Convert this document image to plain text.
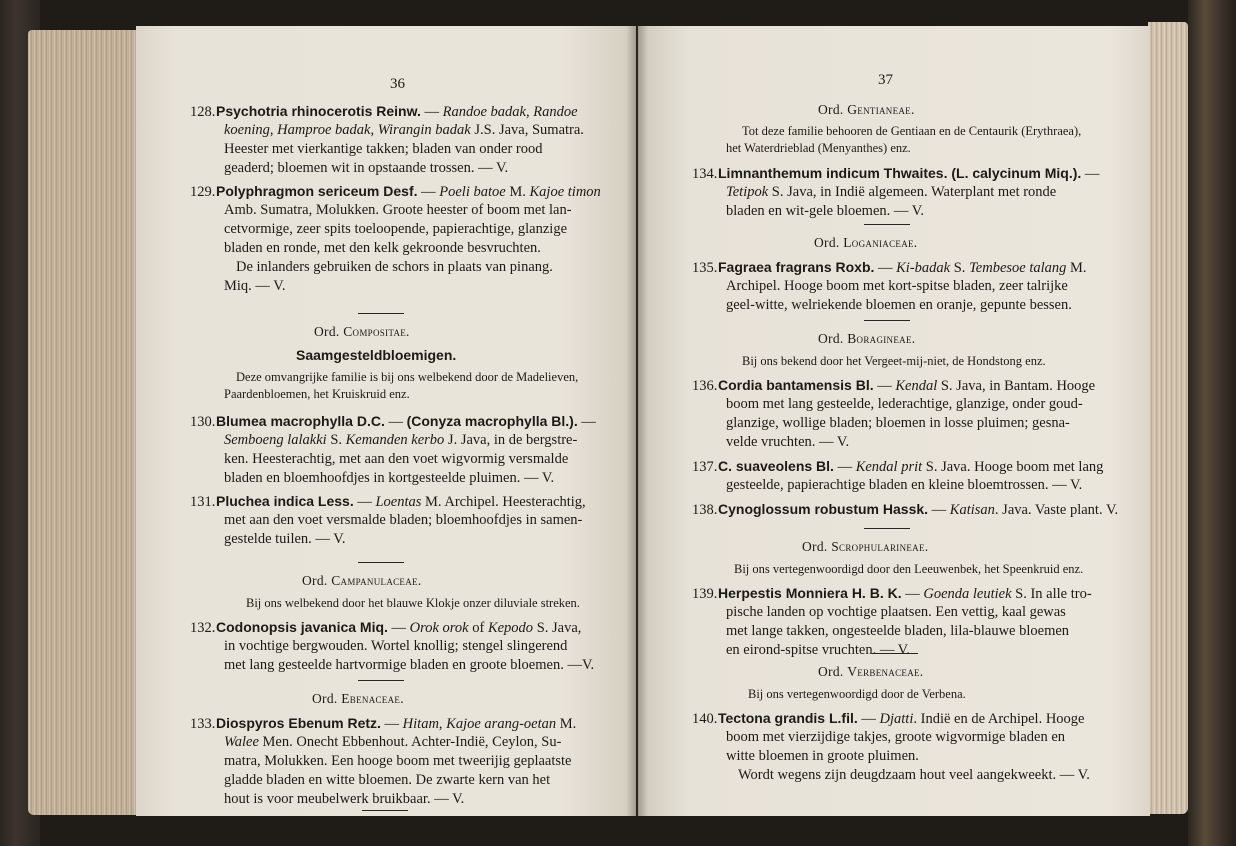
36
128.Psychotria rhinocerotis Reinw. — Randoe badak, Randoe
koening, Hamproe badak, Wirangin badak J.S. Java, Sumatra.
Heester met vierkantige takken; bladen van onder rood
geaderd; bloemen wit in opstaande trossen. — V.
129.Polyphragmon sericeum Desf. — Poeli batoe M. Kajoe timon
Amb. Sumatra, Molukken. Groote heester of boom met lan-
cetvormige, zeer spits toeloopende, papierachtige, glanzige
bladen en ronde, met den kelk gekroonde besvruchten.
De inlanders gebruiken de schors in plaats van pinang.
Miq. — V.
Ord. Compositae.
Saamgesteldbloemigen.
Deze omvangrijke familie is bij ons welbekend door de Madelieven,
Paardenbloemen, het Kruiskruid enz.
130.Blumea macrophylla D.C. — (Conyza macrophylla Bl.). —
Semboeng lalakki S. Kemanden kerbo J. Java, in de bergstre-
ken. Heesterachtig, met aan den voet wigvormig versmalde
bladen en bloemhoofdjes in kortgesteelde pluimen. — V.
131.Pluchea indica Less. — Loentas M. Archipel. Heesterachtig,
met aan den voet versmalde bladen; bloemhoofdjes in samen-
gestelde tuilen. — V.
Ord. Campanulaceae.
Bij ons welbekend door het blauwe Klokje onzer diluviale streken.
132.Codonopsis javanica Miq. — Orok orok of Kepodo S. Java,
in vochtige bergwouden. Wortel knollig; stengel slingerend
met lang gesteelde hartvormige bladen en groote bloemen. —V.
Ord. Ebenaceae.
133.Diospyros Ebenum Retz. — Hitam, Kajoe arang-oetan M.
Walee Men. Onecht Ebbenhout. Achter-Indië, Ceylon, Su-
matra, Molukken. Een hooge boom met tweerijig geplaatste
gladde bladen en witte bloemen. De zwarte kern van het
hout is voor meubelwerk bruikbaar. — V.
37
Ord. Gentianeae.
Tot deze familie behooren de Gentiaan en de Centaurik (Erythraea),
het Waterdrieblad (Menyanthes) enz.
134.Limnanthemum indicum Thwaites. (L. calycinum Miq.). —
Tetipok S. Java, in Indië algemeen. Waterplant met ronde
bladen en wit-gele bloemen. — V.
Ord. Loganiaceae.
135.Fagraea fragrans Roxb. — Ki-badak S. Tembesoe talang M.
Archipel. Hooge boom met kort-spitse bladen, zeer talrijke
geel-witte, welriekende bloemen en oranje, gepunte bessen.
Ord. Boragineae.
Bij ons bekend door het Vergeet-mij-niet, de Hondstong enz.
136.Cordia bantamensis Bl. — Kendal S. Java, in Bantam. Hooge
boom met lang gesteelde, lederachtige, glanzige, onder goud-
glanzige, wollige bladen; bloemen in losse pluimen; gesna-
velde vruchten. — V.
137.C. suaveolens Bl. — Kendal prit S. Java. Hooge boom met lang
gesteelde, papierachtige bladen en kleine bloemtrossen. — V.
138.Cynoglossum robustum Hassk. — Katisan. Java. Vaste plant. V.
Ord. Scrophularineae.
Bij ons vertegenwoordigd door den Leeuwenbek, het Speenkruid enz.
139.Herpestis Monniera H. B. K. — Goenda leutiek S. In alle tro-
pische landen op vochtige plaatsen. Een vettig, kaal gewas
met lange takken, ongesteelde bladen, lila-blauwe bloemen
en eirond-spitse vruchten. — V.
Ord. Verbenaceae.
Bij ons vertegenwoordigd door de Verbena.
140.Tectona grandis L.fil. — Djatti. Indië en de Archipel. Hooge
boom met vierzijdige takjes, groote wigvormige bladen en
witte bloemen in groote pluimen.
Wordt wegens zijn deugdzaam hout veel aangekweekt. — V.
